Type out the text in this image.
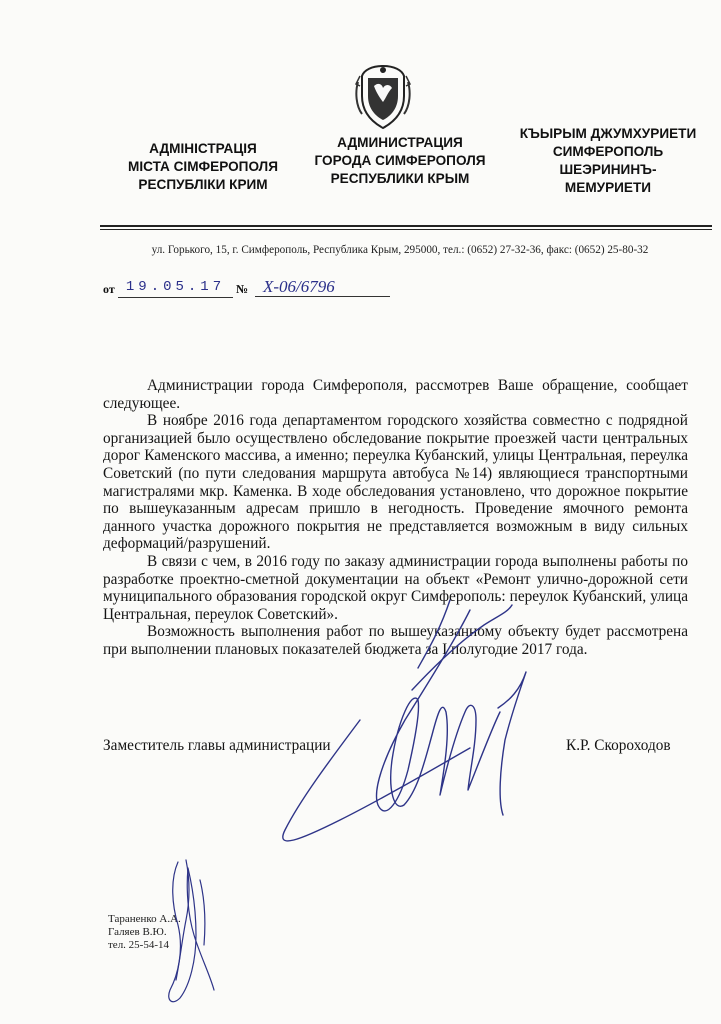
АДМІНІСТРАЦІЯ
МІСТА СІМФЕРОПОЛЯ
РЕСПУБЛІКИ КРИМ
АДМИНИСТРАЦИЯ
ГОРОДА СИМФЕРОПОЛЯ
РЕСПУБЛИКИ КРЫМ
КЪЫРЫМ ДЖУМХУРИЕТИ
СИМФЕРОПОЛЬ
ШЕЭРИНИНЪ-
МЕМУРИЕТИ
ул. Горького, 15, г. Симферополь, Республика Крым, 295000, тел.: (0652) 27-32-36, факс: (0652) 25-80-32
от 19.05.17 № Х-06/6796

Администрации города Симферополя, рассмотрев Ваше обращение, сообщает следующее.

В ноябре 2016 года департаментом городского хозяйства совместно с подрядной организацией было осуществлено обследование покрытие проезжей части центральных дорог Каменского массива, а именно; переулка Кубанский, улицы Центральная, переулка Советский (по пути следования маршрута автобуса №14) являющиеся транспортными магистралями мкр. Каменка. В ходе обследования установлено, что дорожное покрытие по вышеуказанным адресам пришло в негодность. Проведение ямочного ремонта данного участка дорожного покрытия не представляется возможным в виду сильных деформаций/разрушений.

В связи с чем, в 2016 году по заказу администрации города выполнены работы по разработке проектно-сметной документации на объект «Ремонт улично-дорожной сети муниципального образования городской округ Симферополь: переулок Кубанский, улица Центральная, переулок Советский».

Возможность выполнения работ по вышеуказанному объекту будет рассмотрена при выполнении плановых показателей бюджета за I полугодие 2017 года.

Заместитель главы администрации	К.Р. Скороходов
Тараненко А.А.
Галяев В.Ю.
тел. 25-54-14
